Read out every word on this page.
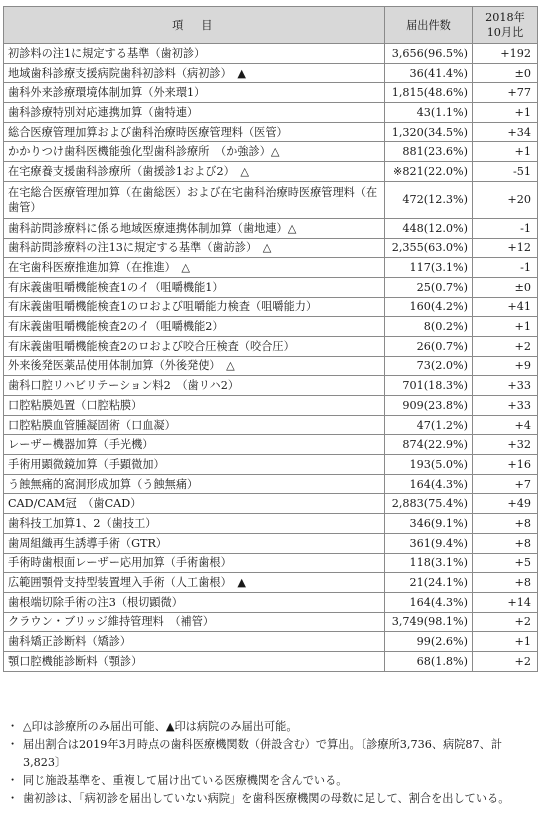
項　目	届出件数	2018年
10月比

初診料の注1に規定する基準（歯初診）	3,656(96.5%)	+192
地域歯科診療支援病院歯科初診料（病初診）　▲	36(41.4%)	±0
歯科外来診療環境体制加算（外来環1）	1,815(48.6%)	+77
歯科診療特別対応連携加算（歯特連）	43(1.1%)	+1
総合医療管理加算および歯科治療時医療管理料（医管）	1,320(34.5%)	+34
かかりつけ歯科医機能強化型歯科診療所　（か強診）△	881(23.6%)	+1
在宅療養支援歯科診療所（歯援診1および2）　△	※821(22.0%)	-51
在宅総合医療管理加算（在歯総医）および在宅歯科治療時医療管理料（在歯管）	472(12.3%)	+20
歯科訪問診療料に係る地域医療連携体制加算（歯地連）△	448(12.0%)	-1
歯科訪問診療料の注13に規定する基準（歯訪診）　△	2,355(63.0%)	+12
在宅歯科医療推進加算（在推進）　△	117(3.1%)	-1
有床義歯咀嚼機能検査1のイ（咀嚼機能1）	25(0.7%)	±0
有床義歯咀嚼機能検査1のロおよび咀嚼能力検査（咀嚼能力）	160(4.2%)	+41
有床義歯咀嚼機能検査2のイ（咀嚼機能2）	8(0.2%)	+1
有床義歯咀嚼機能検査2のロおよび咬合圧検査（咬合圧）	26(0.7%)	+2
外来後発医薬品使用体制加算（外後発使）　△	73(2.0%)	+9
歯科口腔リハビリテーション料2　（歯リハ2）	701(18.3%)	+33
口腔粘膜処置（口腔粘膜）	909(23.8%)	+33
口腔粘膜血管腫凝固術（口血凝）	47(1.2%)	+4
レーザー機器加算（手光機）	874(22.9%)	+32
手術用顕微鏡加算（手顕微加）	193(5.0%)	+16
う蝕無痛的窩洞形成加算（う蝕無痛）	164(4.3%)	+7
CAD/CAM冠　（歯CAD）	2,883(75.4%)	+49
歯科技工加算1、2（歯技工）	346(9.1%)	+8
歯周組織再生誘導手術（GTR）	361(9.4%)	+8
手術時歯根面レーザー応用加算（手術歯根）	118(3.1%)	+5
広範囲顎骨支持型装置埋入手術（人工歯根）　▲	21(24.1%)	+8
歯根端切除手術の注3（根切顕微）	164(4.3%)	+14
クラウン・ブリッジ維持管理料　（補管）	3,749(98.1%)	+2
歯科矯正診断料（矯診）	99(2.6%)	+1
顎口腔機能診断料（顎診）	68(1.8%)	+2
・ △印は診療所のみ届出可能、▲印は病院のみ届出可能。
・ 届出割合は2019年3月時点の歯科医療機関数（併設含む）で算出。〔診療所3,736、病院87、計3,823〕
・ 同じ施設基準を、重複して届け出ている医療機関を含んでいる。
・ 歯初診は、「病初診を届出していない病院」を歯科医療機関の母数に足して、割合を出している。
